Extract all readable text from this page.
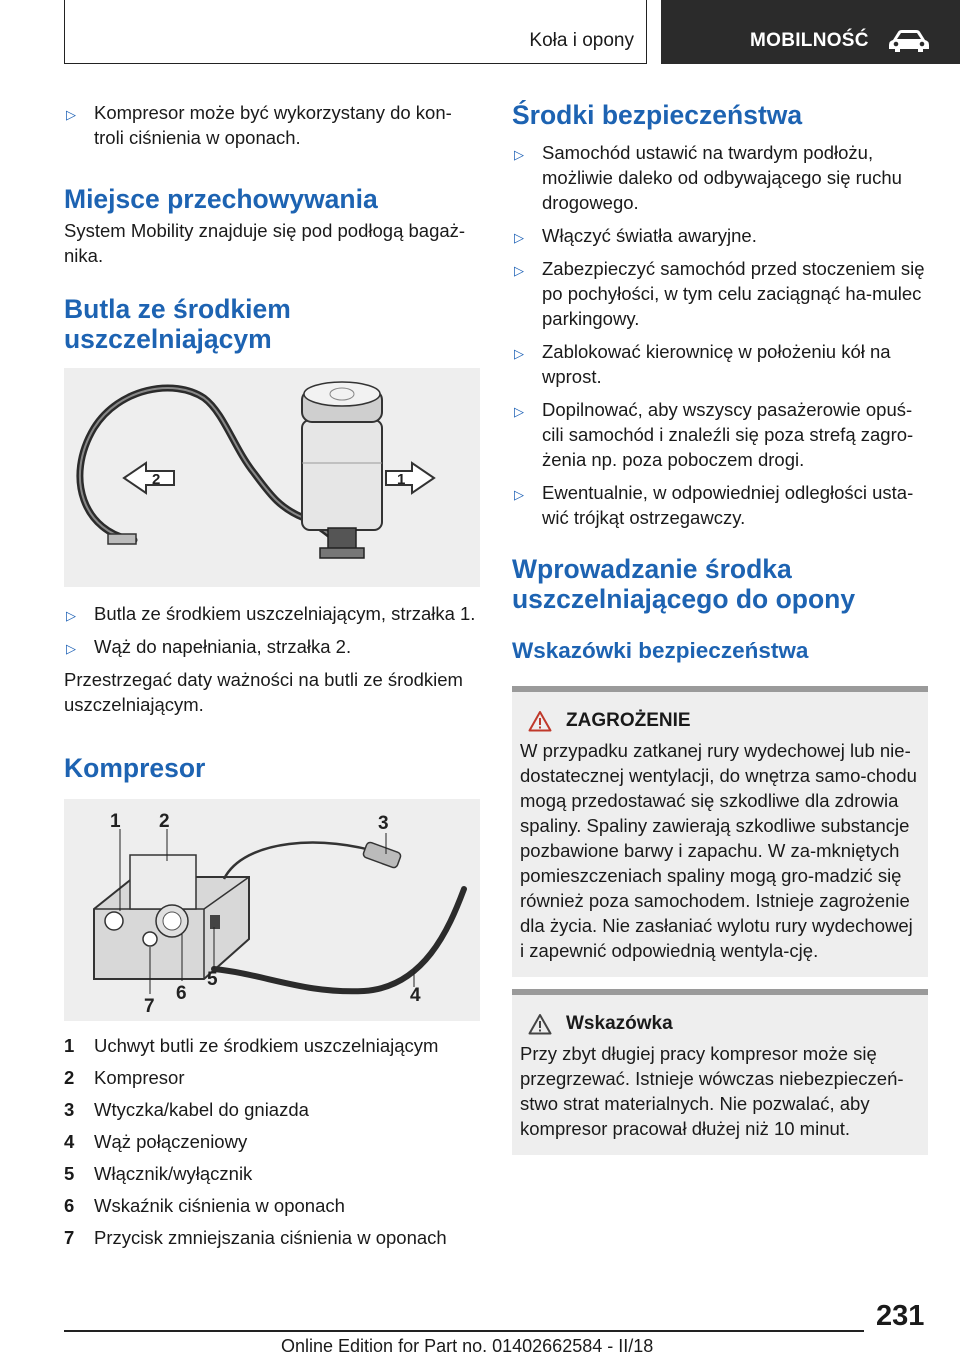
Koła i opony	MOBILNOŚĆ
▷ Kompresor może być wykorzystany do kon-troli ciśnienia w oponach.
Miejsce przechowywania

System Mobility znajduje się pod podłogą bagaż-nika.

Butla ze środkiem uszczelniającym
2	1
▷ Butla ze środkiem uszczelniającym, strzałka 1.
▷ Wąż do napełniania, strzałka 2.

Przestrzegać daty ważności na butli ze środkiem uszczelniającym.

Kompresor
1 2	3
4
5
6
7
1	Uchwyt butli ze środkiem uszczelniającym
2	Kompresor
3	Wtyczka/kabel do gniazda
4	Wąż połączeniowy
5	Włącznik/wyłącznik
6	Wskaźnik ciśnienia w oponach
7	Przycisk zmniejszania ciśnienia w oponach
Środki bezpieczeństwa
▷ Samochód ustawić na twardym podłożu, możliwie daleko od odbywającego się ruchu drogowego.
▷ Włączyć światła awaryjne.
▷ Zabezpieczyć samochód przed stoczeniem się po pochyłości, w tym celu zaciągnąć ha-mulec parkingowy.
▷ Zablokować kierownicę w położeniu kół na wprost.
▷ Dopilnować, aby wszyscy pasażerowie opuś-cili samochód i znaleźli się poza strefą zagro-żenia np. poza poboczem drogi.
▷ Ewentualnie, w odpowiedniej odległości usta-wić trójkąt ostrzegawczy.
Wprowadzanie środka uszczelniającego do opony
Wskazówki bezpieczeństwa
ZAGROŻENIE

W przypadku zatkanej rury wydechowej lub nie-dostatecznej wentylacji, do wnętrza samo-chodu mogą przedostawać się szkodliwe dla zdrowia spaliny. Spaliny zawierają szkodliwe substancje pozbawione barwy i zapachu. W za-mkniętych pomieszczeniach spaliny mogą gro-madzić się również poza samochodem. Istnieje zagrożenie dla życia. Nie zasłaniać wylotu rury wydechowej i zapewnić odpowiednią wentyla-cję.

Wskazówka

Przy zbyt długiej pracy kompresor może się przegrzewać. Istnieje wówczas niebezpieczeń-stwo strat materialnych. Nie pozwalać, aby kompresor pracował dłużej niż 10 minut.

231
Online Edition for Part no. 01402662584 - II/18
